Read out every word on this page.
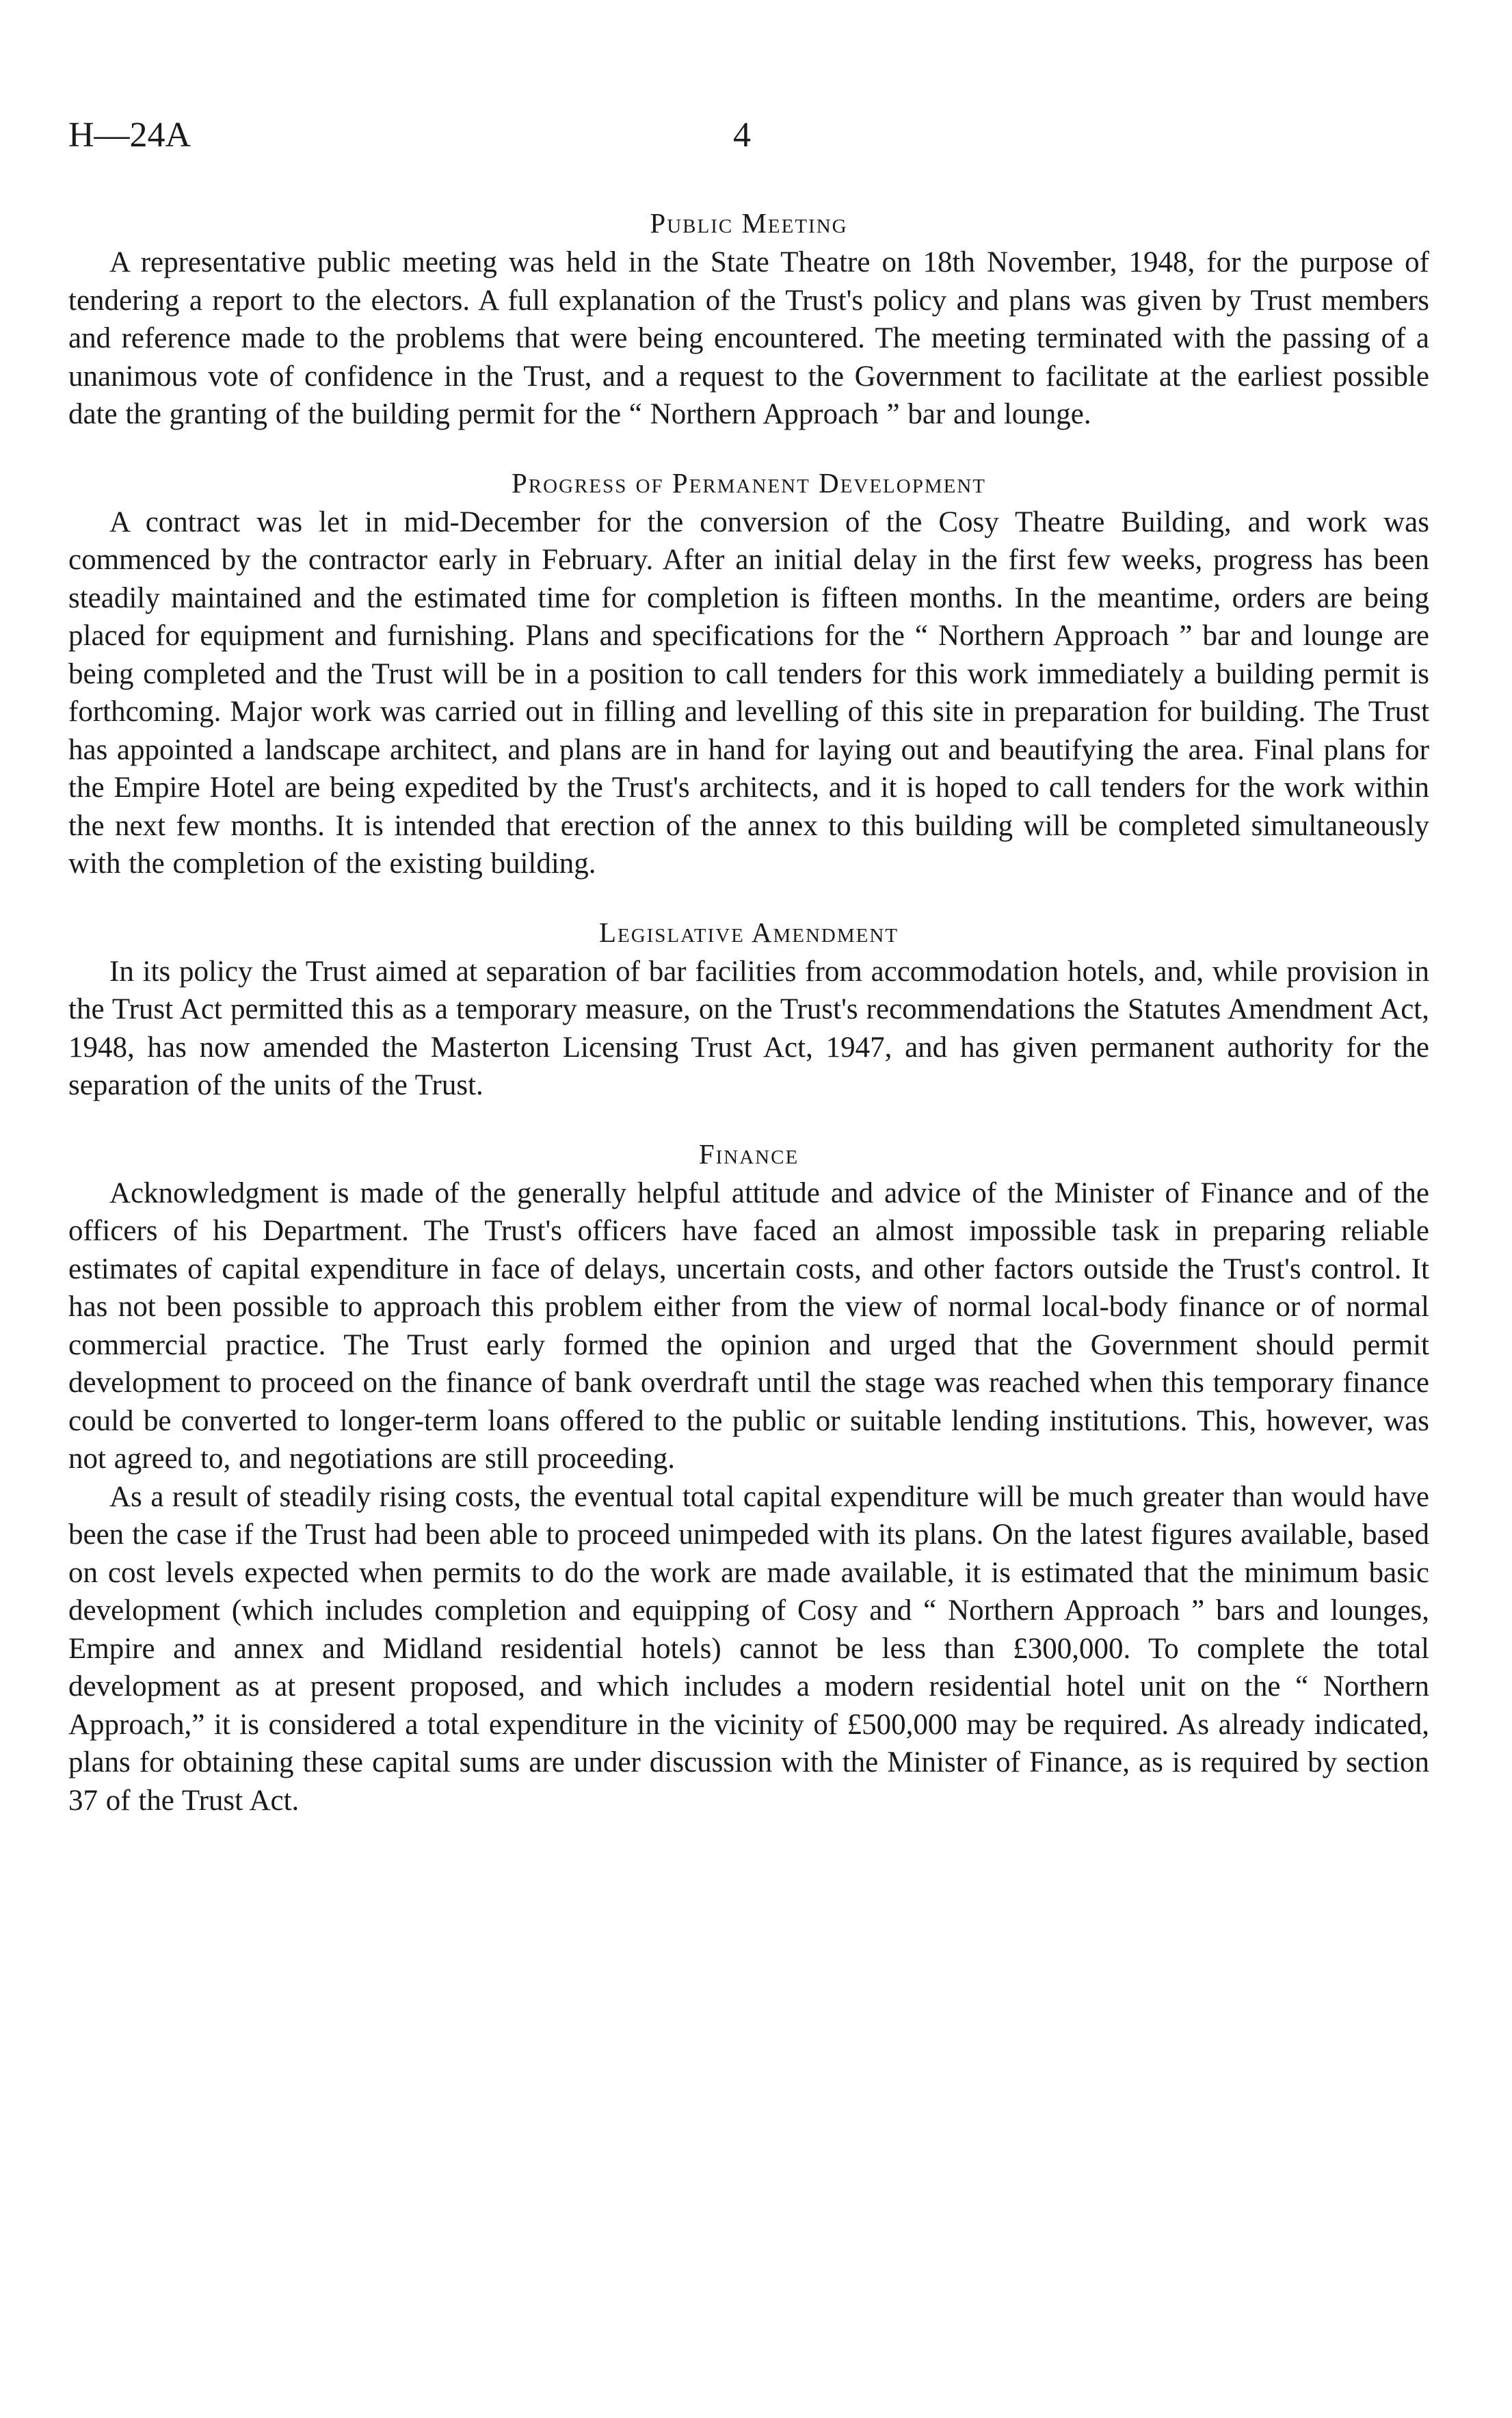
H—24A	4
Public Meeting

A representative public meeting was held in the State Theatre on 18th November, 1948, for the purpose of tendering a report to the electors. A full explanation of the Trust's policy and plans was given by Trust members and reference made to the problems that were being encountered. The meeting terminated with the passing of a unanimous vote of confidence in the Trust, and a request to the Government to facilitate at the earliest possible date the granting of the building permit for the “ Northern Approach ” bar and lounge.

Progress of Permanent Development

A contract was let in mid-December for the conversion of the Cosy Theatre Building, and work was commenced by the contractor early in February. After an initial delay in the first few weeks, progress has been steadily maintained and the estimated time for completion is fifteen months. In the meantime, orders are being placed for equipment and furnishing. Plans and specifications for the “ Northern Approach ” bar and lounge are being completed and the Trust will be in a position to call tenders for this work immediately a building permit is forthcoming. Major work was carried out in filling and levelling of this site in preparation for building. The Trust has appointed a landscape architect, and plans are in hand for laying out and beautifying the area. Final plans for the Empire Hotel are being expedited by the Trust's architects, and it is hoped to call tenders for the work within the next few months. It is intended that erection of the annex to this building will be completed simultaneously with the completion of the existing building.

Legislative Amendment

In its policy the Trust aimed at separation of bar facilities from accommodation hotels, and, while provision in the Trust Act permitted this as a temporary measure, on the Trust's recommendations the Statutes Amendment Act, 1948, has now amended the Masterton Licensing Trust Act, 1947, and has given permanent authority for the separation of the units of the Trust.

Finance

Acknowledgment is made of the generally helpful attitude and advice of the Minister of Finance and of the officers of his Department. The Trust's officers have faced an almost impossible task in preparing reliable estimates of capital expenditure in face of delays, uncertain costs, and other factors outside the Trust's control. It has not been possible to approach this problem either from the view of normal local-body finance or of normal commercial practice. The Trust early formed the opinion and urged that the Government should permit development to proceed on the finance of bank overdraft until the stage was reached when this temporary finance could be converted to longer-term loans offered to the public or suitable lending institutions. This, however, was not agreed to, and negotiations are still proceeding.

As a result of steadily rising costs, the eventual total capital expenditure will be much greater than would have been the case if the Trust had been able to proceed unimpeded with its plans. On the latest figures available, based on cost levels expected when permits to do the work are made available, it is estimated that the minimum basic development (which includes completion and equipping of Cosy and “ Northern Approach ” bars and lounges, Empire and annex and Midland residential hotels) cannot be less than £300,000. To complete the total development as at present proposed, and which includes a modern residential hotel unit on the “ Northern Approach,” it is considered a total expenditure in the vicinity of £500,000 may be required. As already indicated, plans for obtaining these capital sums are under discussion with the Minister of Finance, as is required by section 37 of the Trust Act.
